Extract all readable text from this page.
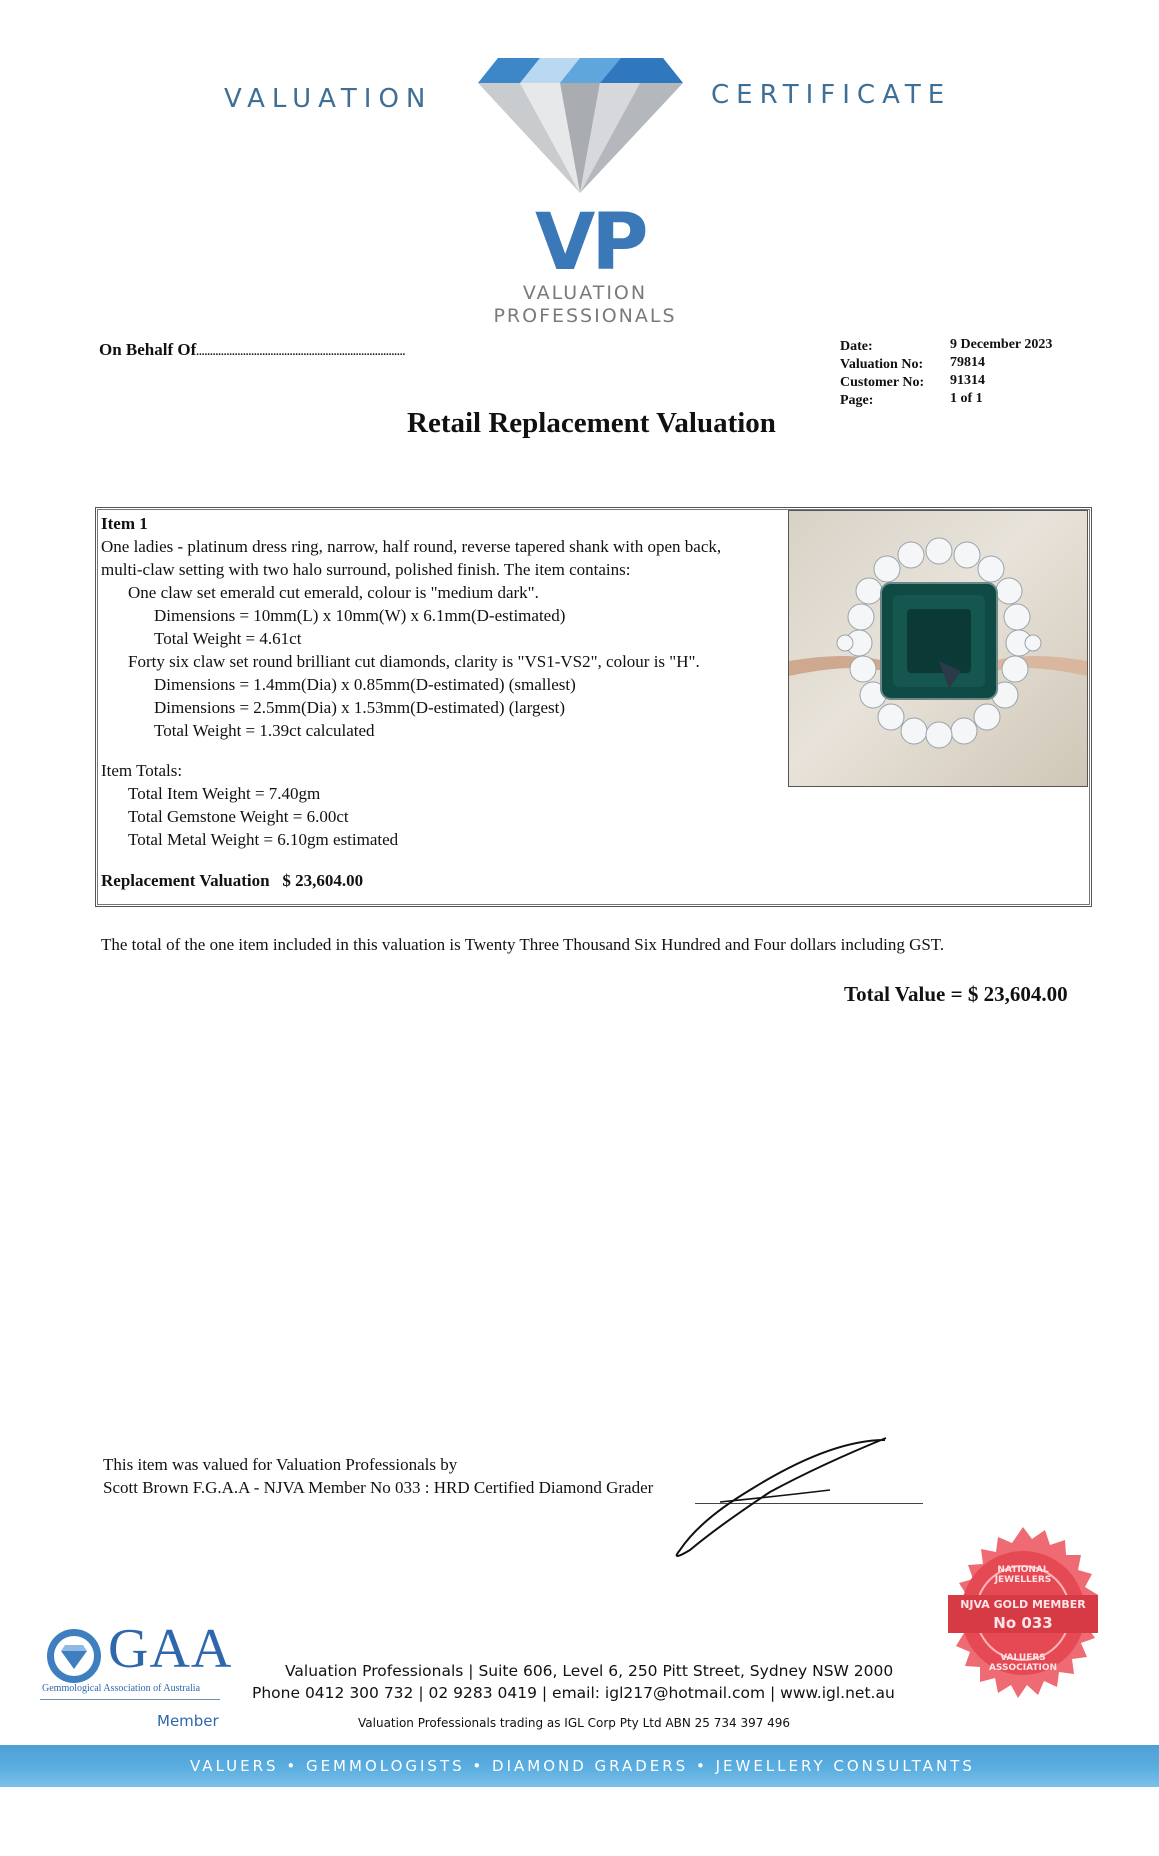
VALUATION	CERTIFICATE
VP
VALUATION
PROFESSIONALS
On Behalf Of............................................................................	Date:	9 December 2023
Valuation No: 79814
Customer No: 91314
Page:	1 of 1
Retail Replacement Valuation
Item 1
One ladies - platinum dress ring, narrow, half round, reverse tapered shank with open back,
multi-claw setting with two halo surround, polished finish. The item contains:
One claw set emerald cut emerald, colour is "medium dark".
Dimensions = 10mm(L) x 10mm(W) x 6.1mm(D-estimated)
Total Weight = 4.61ct
Forty six claw set round brilliant cut diamonds, clarity is "VS1-VS2", colour is "H".
Dimensions = 1.4mm(Dia) x 0.85mm(D-estimated) (smallest)
Dimensions = 2.5mm(Dia) x 1.53mm(D-estimated) (largest)
Total Weight = 1.39ct calculated
Item Totals:
Total Item Weight = 7.40gm
Total Gemstone Weight = 6.00ct
Total Metal Weight = 6.10gm estimated
Replacement Valuation $ 23,604.00
The total of the one item included in this valuation is Twenty Three Thousand Six Hundred and Four dollars including GST.
Total Value = $ 23,604.00
This item was valued for Valuation Professionals by
Scott Brown F.G.A.A - NJVA Member No 033 : HRD Certified Diamond Grader
GAA
Gemmological Association of Australia
Member
Valuation Professionals | Suite 606, Level 6, 250 Pitt Street, Sydney NSW 2000
Phone 0412 300 732 | 02 9283 0419 | email: igl217@hotmail.com | www.igl.net.au
Valuation Professionals trading as IGL Corp Pty Ltd ABN 25 734 397 496
NATIONAL JEWELLERS
NJVA GOLD MEMBER
No 033
VALUERS ASSOCIATION
VALUERS • GEMMOLOGISTS • DIAMOND GRADERS • JEWELLERY CONSULTANTS
